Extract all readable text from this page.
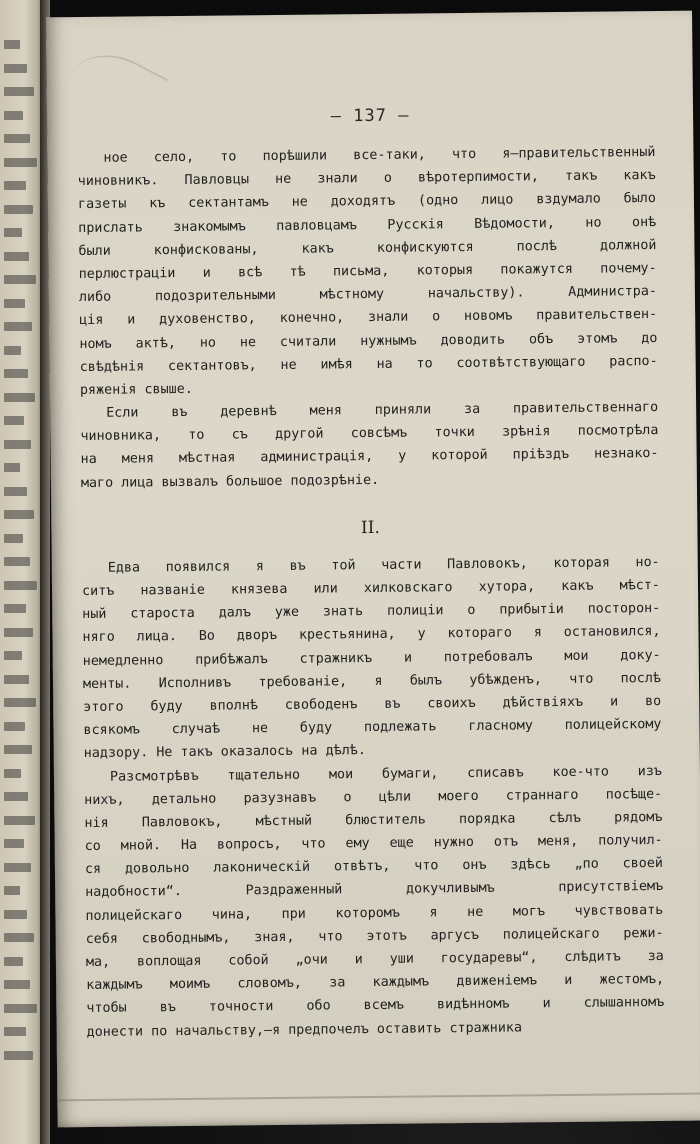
— 137 —
ное село, то порѣшили все-таки, что я—правительственный
чиновникъ. Павловцы не знали о вѣротерпимости, такъ какъ
газеты къ сектантамъ не доходятъ (одно лицо вздумало было
прислать знакомымъ павловцамъ Русскія Вѣдомости, но онѣ
были	конфискованы,	какъ	конфискуются	послѣ	должной
перлюстраціи и всѣ тѣ письма, которыя покажутся почему-
либо	подозрительными	мѣстному	начальству).	Администра-
ція и духовенство, конечно, знали о новомъ правительствен-
номъ актѣ, но не считали нужнымъ доводить объ этомъ до
свѣдѣнія сектантовъ, не имѣя на то соотвѣтствующаго распо-
ряженія свыше.
Если въ деревнѣ меня приняли за правительственнаго
чиновника, то съ другой совсѣмъ точки зрѣнія посмотрѣла
на меня мѣстная администрація, у которой пріѣздъ незнако-
маго лица вызвалъ большое подозрѣніе.
II.
Едва появился я въ той части Павловокъ, которая но-
ситъ названіе князева или хилковскаго хутора, какъ мѣст-
ный староста далъ уже знать полиціи о прибытіи посторон-
няго лица. Во дворъ крестьянина, у котораго я остановился,
немедленно прибѣжалъ стражникъ и потребовалъ мои доку-
менты. Исполнивъ требованіе, я былъ убѣжденъ, что послѣ
этого буду вполнѣ свободенъ въ своихъ дѣйствіяхъ и во
всякомъ случаѣ не буду подлежать гласному полицейскому
надзору. Не такъ оказалось на дѣлѣ.
Разсмотрѣвъ тщательно мои бумаги, списавъ кое-что изъ
нихъ, детально разузнавъ о цѣли моего страннаго посѣще-
нія Павловокъ, мѣстный блюститель порядка сѣлъ рядомъ
со мной. На вопросъ, что ему еще нужно отъ меня, получил-
ся довольно лаконическій отвѣтъ, что онъ здѣсь „по своей
надобности“.	Раздраженный	докучливымъ	присутствіемъ
полицейскаго чина, при которомъ я не могъ чувствовать
себя свободнымъ, зная, что этотъ аргусъ полицейскаго режи-
ма, воплощая собой „очи и уши государевы“, слѣдитъ за
каждымъ моимъ словомъ, за каждымъ движеніемъ и жестомъ,
чтобы въ точности обо всемъ видѣнномъ и слышанномъ
донести по начальству,—я предпочелъ оставить стражника
